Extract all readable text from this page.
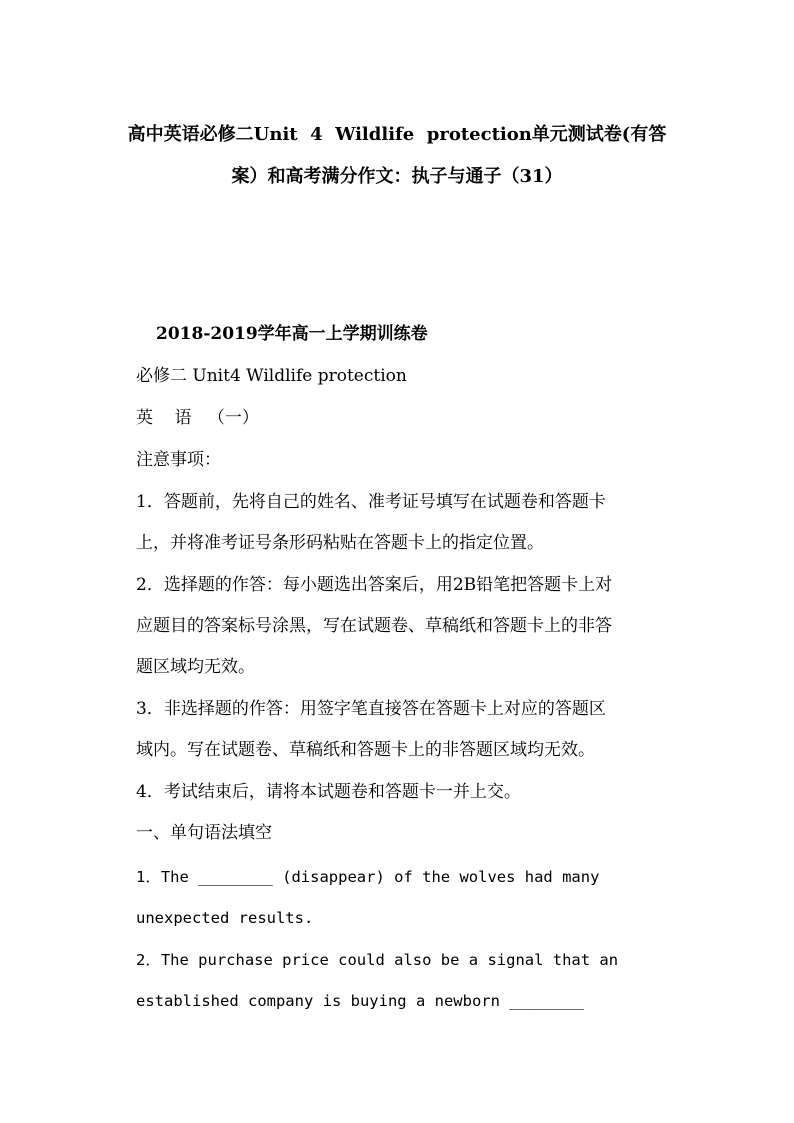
高中英语必修二Unit  4  Wildlife  protection单元测试卷(有答
案）和高考满分作文：执子与通子（31）

2018-2019学年高一上学期训练卷

必修二 Unit4 Wildlife protection

英    语   （一）

注意事项：

1．答题前，先将自己的姓名、准考证号填写在试题卷和答题卡

上，并将准考证号条形码粘贴在答题卡上的指定位置。

2．选择题的作答：每小题选出答案后，用2B铅笔把答题卡上对

应题目的答案标号涂黑，写在试题卷、草稿纸和答题卡上的非答

题区域均无效。

3．非选择题的作答：用签字笔直接答在答题卡上对应的答题区

域内。写在试题卷、草稿纸和答题卡上的非答题区域均无效。

4．考试结束后，请将本试题卷和答题卡一并上交。

一、单句语法填空

1．The ________ (disappear) of the wolves had many

unexpected results.

2．The purchase price could also be a signal that an

established company is buying a newborn ________
